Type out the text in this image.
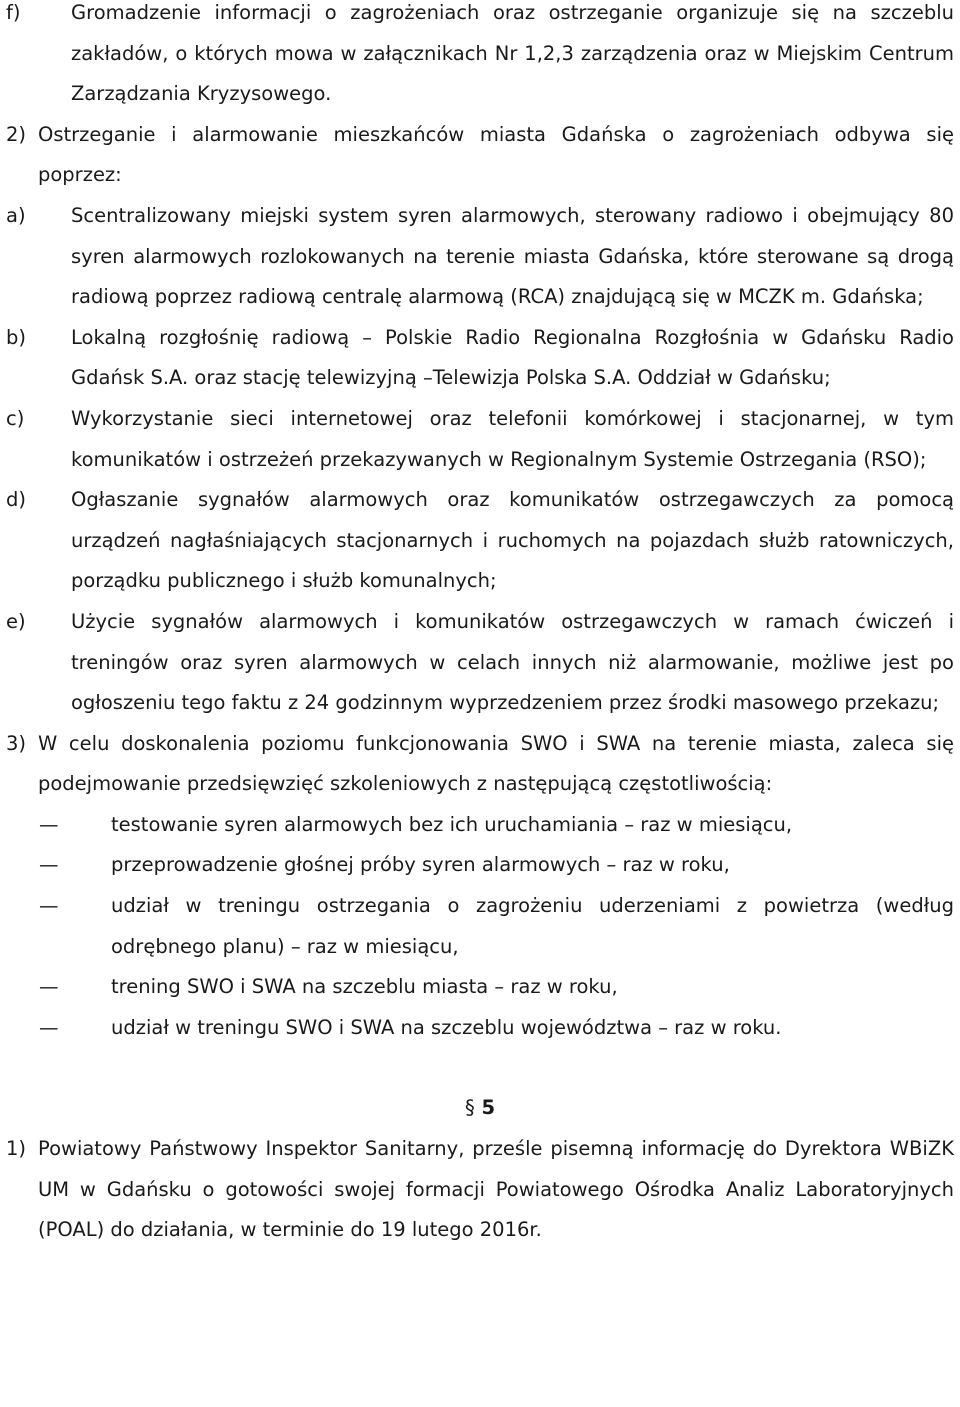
f)	Gromadzenie informacji o zagrożeniach oraz ostrzeganie organizuje się na szczeblu zakładów, o których mowa w załącznikach Nr 1,2,3 zarządzenia oraz w Miejskim Centrum Zarządzania Kryzysowego.
2) Ostrzeganie i alarmowanie mieszkańców miasta Gdańska o zagrożeniach odbywa się poprzez:
a)	Scentralizowany miejski system syren alarmowych, sterowany radiowo i obejmujący 80 syren alarmowych rozlokowanych na terenie miasta Gdańska, które sterowane są drogą radiową poprzez radiową centralę alarmową (RCA) znajdującą się w MCZK m. Gdańska;
b)	Lokalną rozgłośnię radiową – Polskie Radio Regionalna Rozgłośnia w Gdańsku Radio Gdańsk S.A. oraz stację telewizyjną –Telewizja Polska S.A. Oddział w Gdańsku;
c)	Wykorzystanie sieci internetowej oraz telefonii komórkowej i stacjonarnej, w tym komunikatów i ostrzeżeń przekazywanych w Regionalnym Systemie Ostrzegania (RSO);
d)	Ogłaszanie sygnałów alarmowych oraz komunikatów ostrzegawczych za pomocą urządzeń nagłaśniających stacjonarnych i ruchomych na pojazdach służb ratowniczych, porządku publicznego i służb komunalnych;
e)	Użycie sygnałów alarmowych i komunikatów ostrzegawczych w ramach ćwiczeń i treningów oraz syren alarmowych w celach innych niż alarmowanie, możliwe jest po ogłoszeniu tego faktu z 24 godzinnym wyprzedzeniem przez środki masowego przekazu;
3) W celu doskonalenia poziomu funkcjonowania SWO i SWA na terenie miasta, zaleca się podejmowanie przedsięwzięć szkoleniowych z następującą częstotliwością:
—	testowanie syren alarmowych bez ich uruchamiania – raz w miesiącu,
—	przeprowadzenie głośnej próby syren alarmowych – raz w roku,
—	udział w treningu ostrzegania o zagrożeniu uderzeniami z powietrza (według odrębnego planu) – raz w miesiącu,
—	trening SWO i SWA na szczeblu miasta – raz w roku,
—	udział w treningu SWO i SWA na szczeblu województwa – raz w roku.
§ 5
1) Powiatowy Państwowy Inspektor Sanitarny, prześle pisemną informację do Dyrektora WBiZK UM w Gdańsku o gotowości swojej formacji Powiatowego Ośrodka Analiz Laboratoryjnych (POAL) do działania, w terminie do 19 lutego 2016r.
